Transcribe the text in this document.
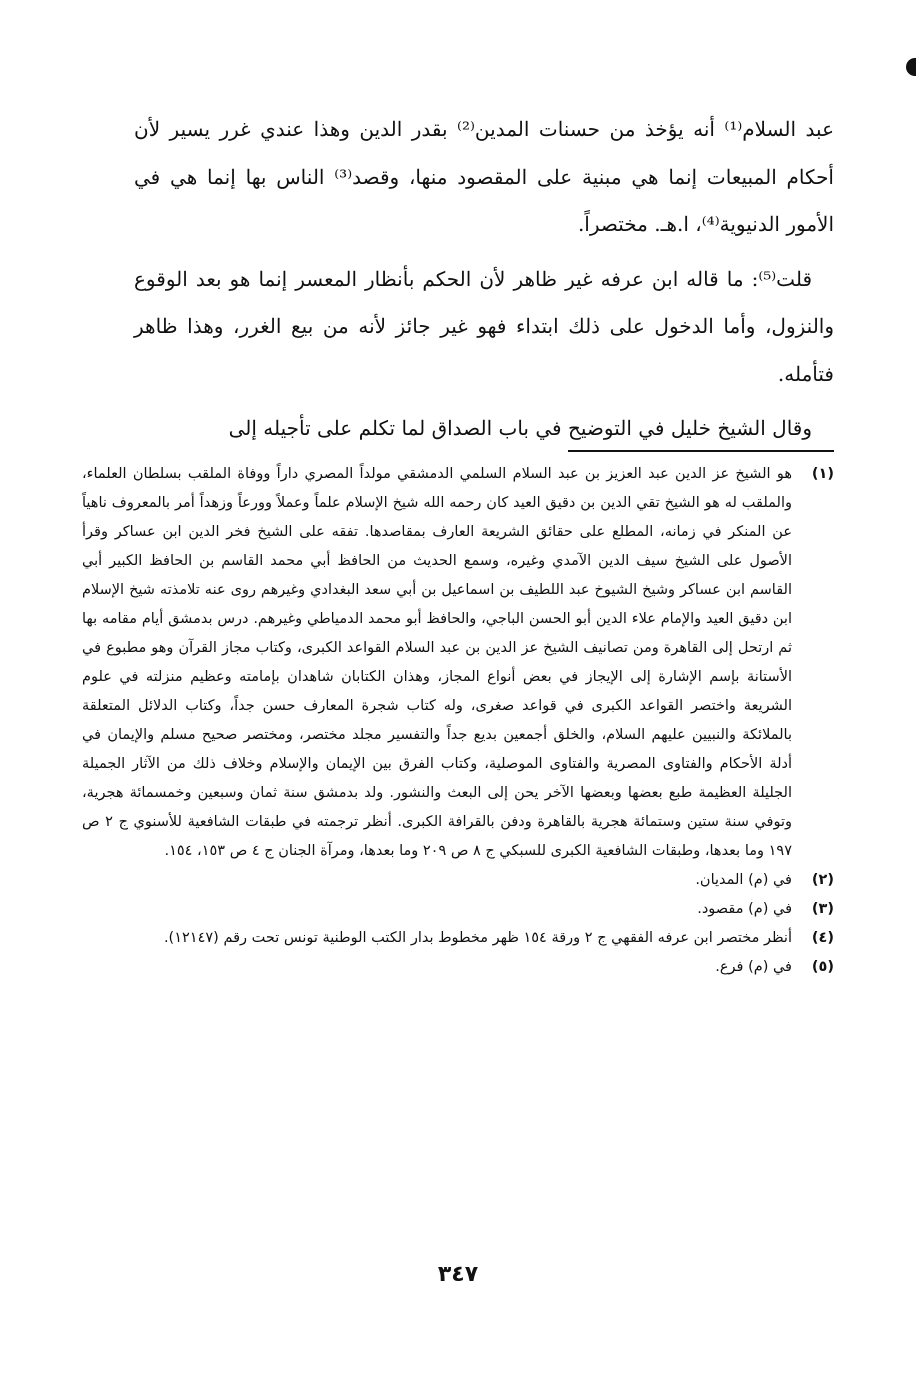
عبد السلام⁽¹⁾ أنه يؤخذ من حسنات المدين⁽²⁾ بقدر الدين وهذا عندي غرر يسير لأن أحكام المبيعات إنما هي مبنية على المقصود منها، وقصد⁽³⁾ الناس بها إنما هي في الأمور الدنيوية⁽⁴⁾، ا.هـ. مختصراً.

قلت⁽⁵⁾: ما قاله ابن عرفه غير ظاهر لأن الحكم بأنظار المعسر إنما هو بعد الوقوع والنزول، وأما الدخول على ذلك ابتداء فهو غير جائز لأنه من بيع الغرر، وهذا ظاهر فتأمله.

وقال الشيخ خليل في التوضيح في باب الصداق لما تكلم على تأجيله إلى

(١)
هو الشيخ عز الدين عبد العزيز بن عبد السلام السلمي الدمشقي مولداً المصري داراً ووفاة الملقب بسلطان العلماء، والملقب له هو الشيخ تقي الدين بن دقيق العيد كان رحمه الله شيخ الإسلام علماً وعملاً وورعاً وزهداً أمر بالمعروف ناهياً عن المنكر في زمانه، المطلع على حقائق الشريعة العارف بمقاصدها. تفقه على الشيخ فخر الدين ابن عساكر وقرأ الأصول على الشيخ سيف الدين الآمدي وغيره، وسمع الحديث من الحافظ أبي محمد القاسم بن الحافظ الكبير أبي القاسم ابن عساكر وشيخ الشيوخ عبد اللطيف بن اسماعيل بن أبي سعد البغدادي وغيرهم روى عنه تلامذته شيخ الإسلام ابن دقيق العيد والإمام علاء الدين أبو الحسن الباجي، والحافظ أبو محمد الدمياطي وغيرهم. درس بدمشق أيام مقامه بها ثم ارتحل إلى القاهرة ومن تصانيف الشيخ عز الدين بن عبد السلام القواعد الكبرى، وكتاب مجاز القرآن وهو مطبوع في الأستانة بإسم الإشارة إلى الإيجاز في بعض أنواع المجاز، وهذان الكتابان شاهدان بإمامته وعظيم منزلته في علوم الشريعة واختصر القواعد الكبرى في قواعد صغرى، وله كتاب شجرة المعارف حسن جداً، وكتاب الدلائل المتعلقة بالملائكة والنبيين عليهم السلام، والخلق أجمعين بديع جداً والتفسير مجلد مختصر، ومختصر صحيح مسلم والإيمان في أدلة الأحكام والفتاوى المصرية والفتاوى الموصلية، وكتاب الفرق بين الإيمان والإسلام وخلاف ذلك من الآثار الجميلة الجليلة العظيمة طبع بعضها وبعضها الآخر يحن إلى البعث والنشور. ولد بدمشق سنة ثمان وسبعين وخمسمائة هجرية، وتوفي سنة ستين وستمائة هجرية بالقاهرة ودفن بالقرافة الكبرى. أنظر ترجمته في طبقات الشافعية للأسنوي ج ٢ ص ١٩٧ وما بعدها، وطبقات الشافعية الكبرى للسبكي ج ٨ ص ٢٠٩ وما بعدها، ومرآة الجنان ج ٤ ص ١٥٣، ١٥٤.
(٢)
في (م) المديان.
(٣)
في (م) مقصود.
(٤)
أنظر مختصر ابن عرفه الفقهي ج ٢ ورقة ١٥٤ ظهر مخطوط بدار الكتب الوطنية تونس تحت رقم (١٢١٤٧).
(٥)
في (م) فرع.
٣٤٧
